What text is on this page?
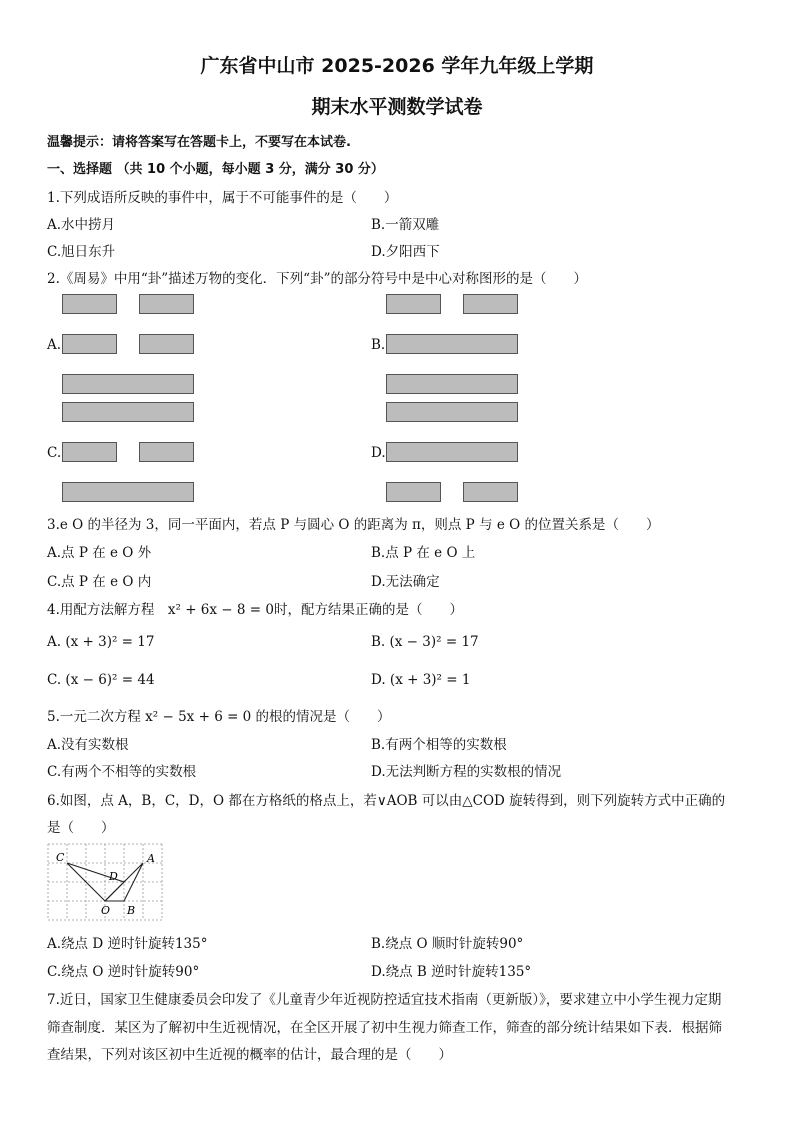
广东省中山市 2025-2026 学年九年级上学期
期末水平测数学试卷
温馨提示：请将答案写在答题卡上，不要写在本试卷.
一、选择题 （共 10 个小题，每小题 3 分，满分 30 分）
1.下列成语所反映的事件中，属于不可能事件的是（　　）
A.水中捞月	B.一箭双雕
C.旭日东升	D.夕阳西下
2.《周易》中用“卦”描述万物的变化．下列“卦”的部分符号中是中心对称图形的是（　　）
A.	B.
C.	D.
3.e O 的半径为 3，同一平面内，若点 P 与圆心 O 的距离为 π，则点 P 与 e O 的位置关系是（　　）
A.点 P 在 e O 外	B.点 P 在 e O 上
C.点 P 在 e O 内	D.无法确定
4.用配方法解方程　x² + 6x − 8 = 0时，配方结果正确的是（　　）
A. (x + 3)² = 17	B. (x − 3)² = 17
C. (x − 6)² = 44	D. (x + 3)² = 1
5.一元二次方程 x² − 5x + 6 = 0 的根的情况是（　　）
A.没有实数根	B.有两个相等的实数根
C.有两个不相等的实数根	D.无法判断方程的实数根的情况
6.如图，点 A，B，C，D，O 都在方格纸的格点上，若∨AOB 可以由△COD 旋转得到，则下列旋转方式中正确的
是（　　）
C	A
D
O B
A.绕点 D 逆时针旋转135°	B.绕点 O 顺时针旋转90°
C.绕点 O 逆时针旋转90°	D.绕点 B 逆时针旋转135°
7.近日，国家卫生健康委员会印发了《儿童青少年近视防控适宜技术指南（更新版）》，要求建立中小学生视力定期
筛查制度．某区为了解初中生近视情况，在全区开展了初中生视力筛查工作，筛查的部分统计结果如下表．根据筛
查结果，下列对该区初中生近视的概率的估计，最合理的是（　　）
